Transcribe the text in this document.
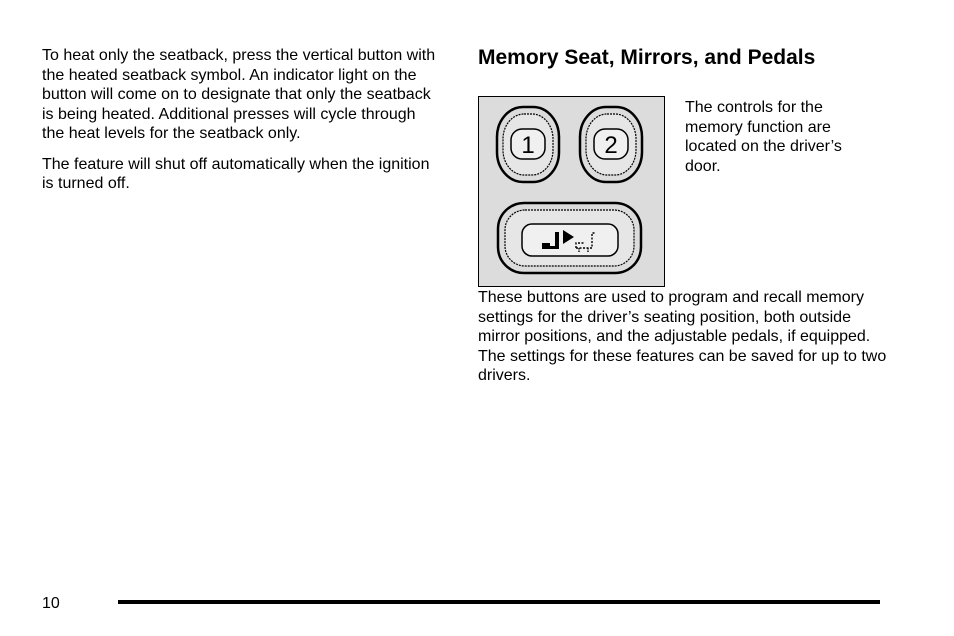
To heat only the seatback, press the vertical button with the heated seatback symbol. An indicator light on the button will come on to designate that only the seatback is being heated. Additional presses will cycle through the heat levels for the seatback only.

The feature will shut off automatically when the ignition is turned off.

Memory Seat, Mirrors, and Pedals
1	2

The controls for the memory function are located on the driver’s door.

These buttons are used to program and recall memory settings for the driver’s seating position, both outside mirror positions, and the adjustable pedals, if equipped. The settings for these features can be saved for up to two drivers.

10
